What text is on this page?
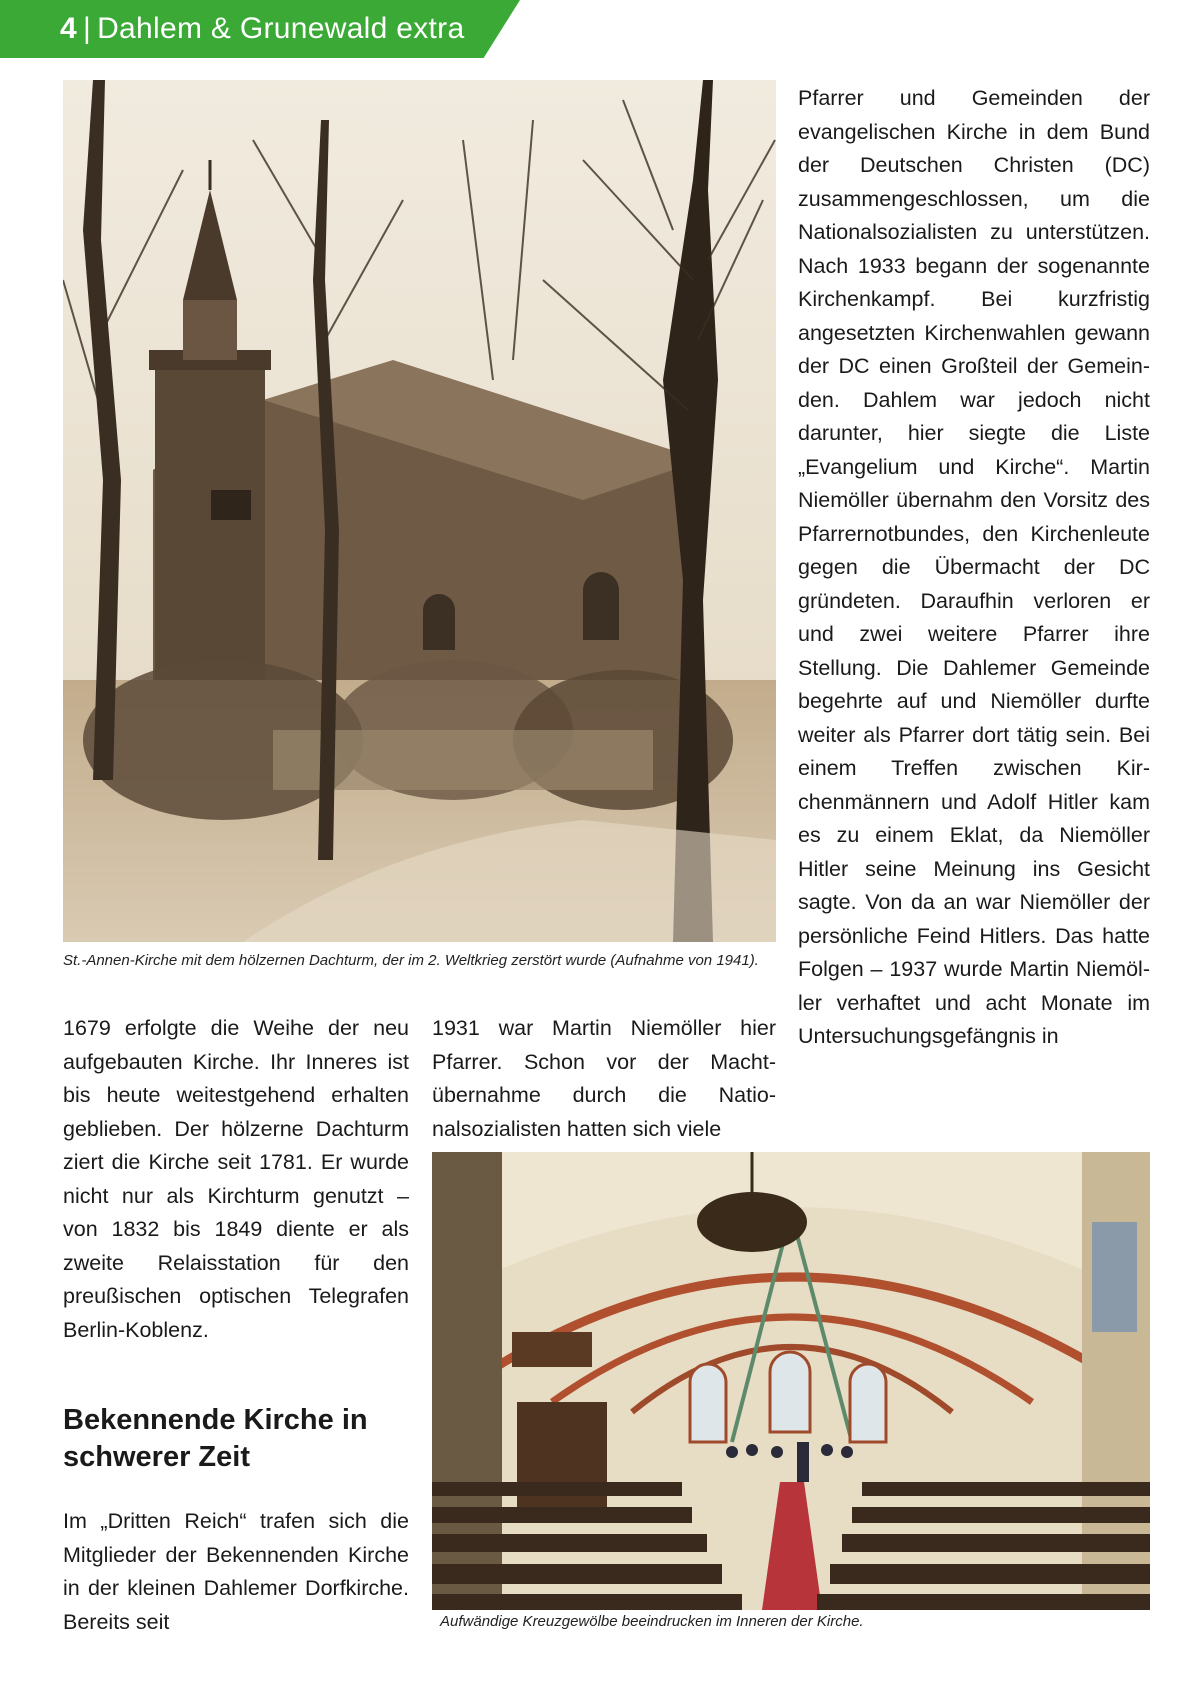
4 | Dahlem & Grunewald extra
St.-Annen-Kirche mit dem hölzernen Dachturm, der im 2. Weltkrieg zerstört wurde (Aufnahme von 1941).

1679 erfolgte die Weihe der neu aufgebauten Kirche. Ihr Inneres ist bis heute weitestgehend erhalten geblieben. Der hölzerne Dachturm ziert die Kirche seit 1781. Er wurde nicht nur als Kirchturm genutzt – von 1832 bis 1849 diente er als zweite Relaisstation für den preußischen optischen Telegrafen Berlin-Koblenz.

Bekennende Kirche in schwerer Zeit

Im „Dritten Reich“ trafen sich die Mitglieder der Bekennenden Kirche in der kleinen Dahlemer Dorfkirche. Bereits seit

1931 war Martin Niemöller hier Pfarrer. Schon vor der Machtübernahme durch die Nationalsozialisten hatten sich viele

Pfarrer und Gemeinden der evangelischen Kirche in dem Bund der Deutschen Christen (DC) zusammengeschlossen, um die Nationalsozialisten zu unterstützen. Nach 1933 begann der sogenannte Kirchenkampf. Bei kurzfristig angesetzten Kirchenwahlen gewann der DC einen Großteil der Gemeinden. Dahlem war jedoch nicht darunter, hier siegte die Liste „Evangelium und Kirche“. Martin Niemöller übernahm den Vorsitz des Pfarrernotbundes, den Kirchenleute gegen die Übermacht der DC gründeten. Daraufhin verloren er und zwei weitere Pfarrer ihre Stellung. Die Dahlemer Gemeinde begehrte auf und Niemöller durfte weiter als Pfarrer dort tätig sein. Bei einem Treffen zwischen Kirchenmännern und Adolf Hitler kam es zu einem Eklat, da Niemöller Hitler seine Meinung ins Gesicht sagte. Von da an war Niemöller der persönliche Feind Hitlers. Das hatte Folgen – 1937 wurde Martin Niemöller verhaftet und acht Monate im Untersuchungsgefängnis in

Aufwändige Kreuzgewölbe beeindrucken im Inneren der Kirche.
